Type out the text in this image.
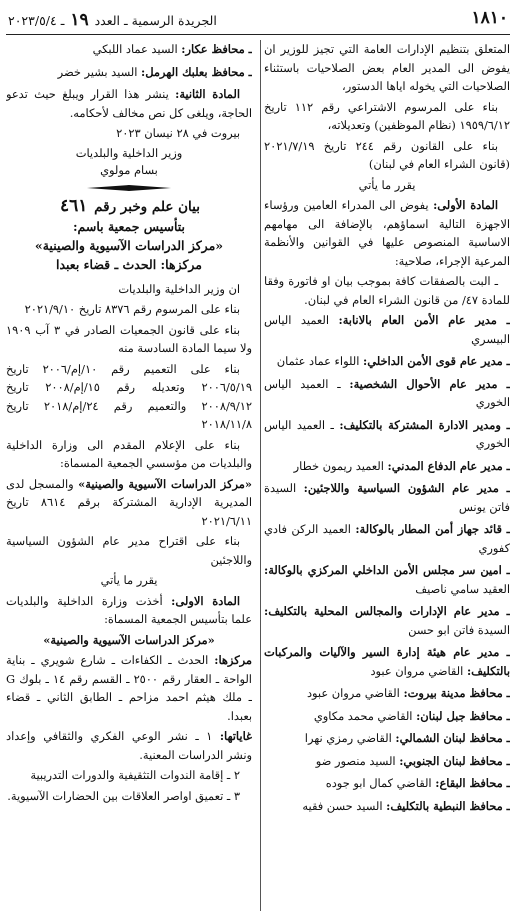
١٨١٠
الجريدة الرسمية ـ العدد ١٩ ـ ٢٠٢٣/٥/٤

المتعلق بتنظيم الإدارات العامة التي تجيز للوزير ان يفوض الى المدير العام بعض الصلاحيات باستثناء الصلاحيات التي يخوله اياها الدستور،

بناء على المرسوم الاشتراعي رقم ١١٢ تاريخ ١٩٥٩/٦/١٢ (نظام الموظفين) وتعديلاته،

بناء على القانون رقم ٢٤٤ تاريخ ٢٠٢١/٧/١٩ (قانون الشراء العام في لبنان)

يقرر ما يأتي

المادة الأولى: يفوض الى المدراء العامين ورؤساء الاجهزة التالية اسماؤهم، بالإضافة الى مهامهم الاساسية المنصوص عليها في القوانين والأنظمة المرعية الإجراء، صلاحية:

ـ البت بالصفقات كافة بموجب بيان او فاتورة وفقا للمادة ٤٧/ من قانون الشراء العام في لبنان.

ـ مدير عام الأمن العام بالانابة: العميد الياس البيسري

ـ مدير عام قوى الأمن الداخلي: اللواء عماد عثمان

ـ مدير عام الأحوال الشخصية: ـ العميد الياس الخوري

ـ ومدير الادارة المشتركة بالتكليف: ـ العميد الياس الخوري

ـ مدير عام الدفاع المدني: العميد ريمون خطار

ـ مدير عام الشؤون السياسية واللاجئين: السيدة فاتن يونس

ـ قائد جهاز أمن المطار بالوكالة: العميد الركن فادي كفوري

ـ امين سر مجلس الأمن الداخلي المركزي بالوكالة: العقيد سامي ناصيف

ـ مدير عام الإدارات والمجالس المحلية بالتكليف: السيدة فاتن ابو حسن

ـ مدير عام هيئة إدارة السير والآليات والمركبات بالتكليف: القاضي مروان عبود

ـ محافظ مدينة بيروت: القاضي مروان عبود

ـ محافظ جبل لبنان: القاضي محمد مكاوي

ـ محافظ لبنان الشمالي: القاضي رمزي نهرا

ـ محافظ لبنان الجنوبي: السيد منصور ضو

ـ محافظ البقاع: القاضي كمال ابو جوده

ـ محافظ النبطية بالتكليف: السيد حسن فقيه

ـ محافظ عكار: السيد عماد اللبكي

ـ محافظ بعلبك الهرمل: السيد بشير خضر

المادة الثانية: ينشر هذا القرار ويبلغ حيث تدعو الحاجة، ويلغى كل نص مخالف لأحكامه.

بيروت في ٢٨ نيسان ٢٠٢٣

وزير الداخلية والبلديات

بسام مولوي

بيان علم وخبر رقم ٤٦١

بتأسيس جمعية باسم:

«مركز الدراسات الآسيوية والصينية»

مركزها: الحدث ـ قضاء بعبدا

ان وزير الداخلية والبلديات

بناء على المرسوم رقم ٨٣٧٦ تاريخ ٢٠٢١/٩/١٠

بناء على قانون الجمعيات الصادر في ٣ آب ١٩٠٩ ولا سيما المادة السادسة منه

بناء على التعميم رقم ١٠/إم/٢٠٠٦ تاريخ ٢٠٠٦/٥/١٩ وتعديله رقم ١٥/إم/٢٠٠٨ تاريخ ٢٠٠٨/٩/١٢ والتعميم رقم ٢٤/إم/٢٠١٨ تاريخ ٢٠١٨/١١/٨

بناء على الإعلام المقدم الى وزارة الداخلية والبلديات من مؤسسي الجمعية المسماة:

«مركز الدراسات الآسيوية والصينية» والمسجل لدى المديرية الإدارية المشتركة برقم ٨٦١٤ تاريخ ٢٠٢١/٦/١١

بناء على اقتراح مدير عام الشؤون السياسية واللاجئين

يقرر ما يأتي

المادة الاولى: أخذت وزارة الداخلية والبلديات علما بتأسيس الجمعية المسماة:

«مركز الدراسات الآسيوية والصينية»

مركزها: الحدث ـ الكفاءات ـ شارع شويري ـ بناية الواحة ـ العقار رقم ٢٥٠٠ ـ القسم رقم ١٤ ـ بلوك G ـ ملك هيثم احمد مزاحم ـ الطابق الثاني ـ قضاء بعبدا.

غاياتها: ١ ـ نشر الوعي الفكري والثقافي وإعداد ونشر الدراسات المعنية.

٢ ـ إقامة الندوات التثقيفية والدورات التدريبية

٣ ـ تعميق اواصر العلاقات بين الحضارات الآسيوية.
